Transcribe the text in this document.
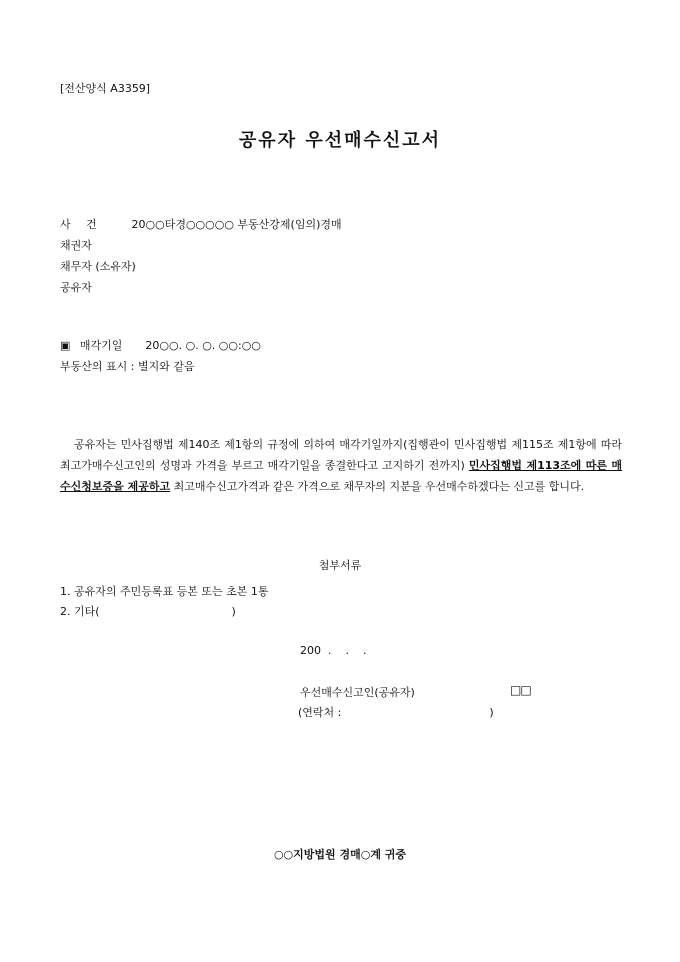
[전산양식 A3359]
공유자 우선매수신고서
사 건	20○○타경○○○○○ 부동산강제(임의)경매
채권자
채무자 (소유자)
공유자
▣ 매각기일 20○○. ○. ○. ○○:○○
부동산의 표시 : 별지와 같음
공유자는 민사집행법 제140조 제1항의 규정에 의하여 매각기일까지(집행관이 민사집행법 제115조 제1항에 따라 최고가매수신고인의 성명과 가격을 부르고 매각기일을 종결한다고 고지하기 전까지) 민사집행법 제113조에 따른 매수신청보증을 제공하고 최고매수신고가격과 같은 가격으로 채무자의 지분을 우선매수하겠다는 신고를 합니다.
첨부서류
1. 공유자의 주민등록표 등본 또는 초본 1통
2. 기타(	)
200  .    .    .
우선매수신고인(공유자)	□□
(연락처 :	)
○○지방법원 경매○계 귀중
